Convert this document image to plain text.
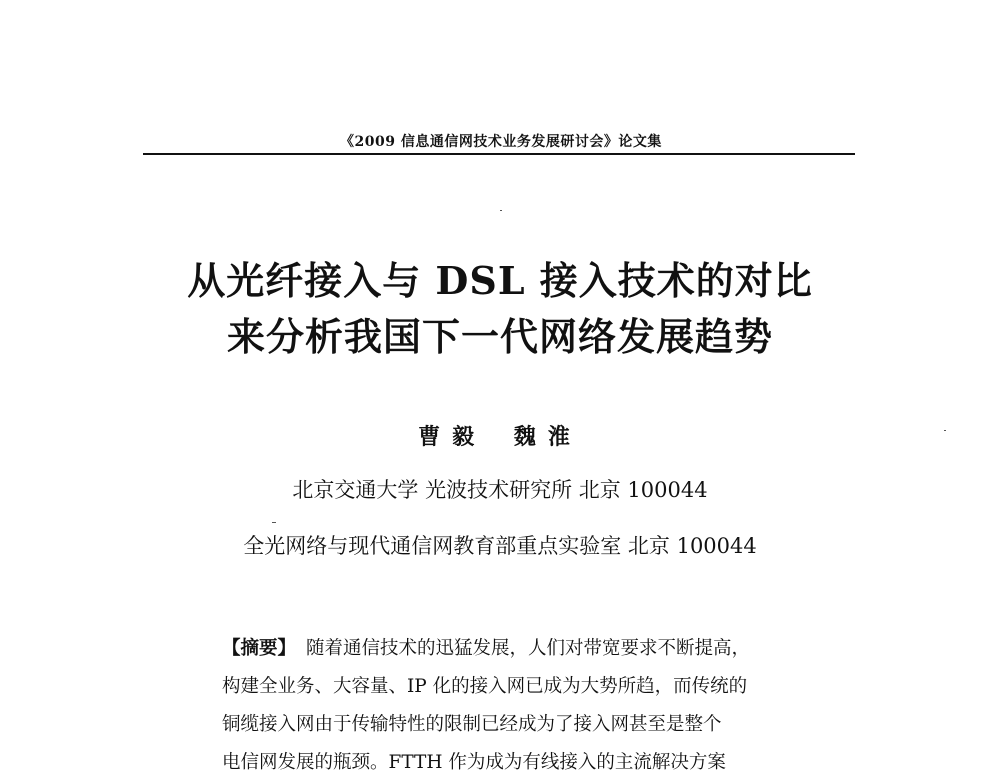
《2009 信息通信网技术业务发展研讨会》论文集
从光纤接入与 DSL 接入技术的对比
来分析我国下一代网络发展趋势
曹毅 魏淮
北京交通大学 光波技术研究所 北京 100044
全光网络与现代通信网教育部重点实验室 北京 100044
【摘要】 随着通信技术的迅猛发展，人们对带宽要求不断提高，
构建全业务、大容量、IP 化的接入网已成为大势所趋，而传统的
铜缆接入网由于传输特性的限制已经成为了接入网甚至是整个
电信网发展的瓶颈。FTTH 作为成为有线接入的主流解决方案
